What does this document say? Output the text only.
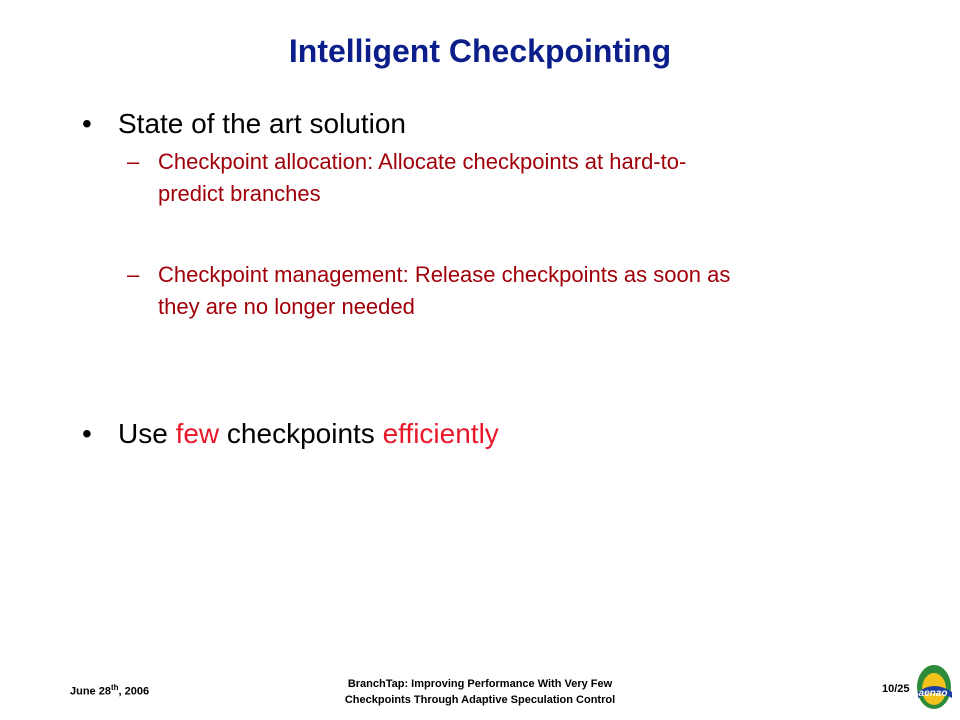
Intelligent Checkpointing
• State of the art solution
– Checkpoint allocation: Allocate checkpoints at hard-to-
predict branches
– Checkpoint management: Release checkpoints as soon as
they are no longer needed
• Use few checkpoints efficiently
June 28th, 2006
BranchTap: Improving Performance With Very Few
Checkpoints Through Adaptive Speculation Control
10/25 aenao
